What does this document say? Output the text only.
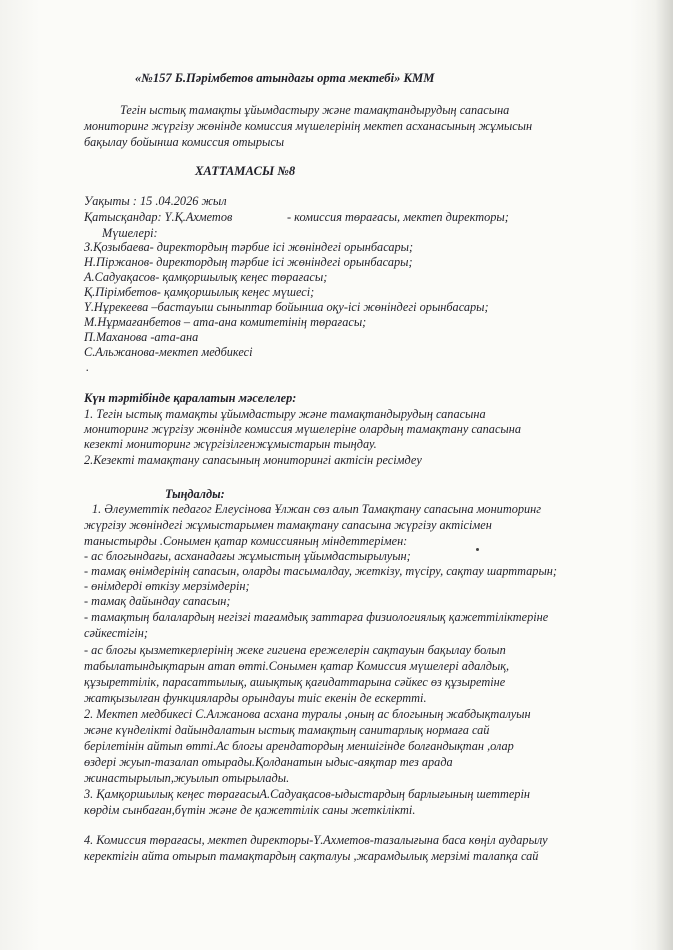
«№157 Б.Пәрімбетов атындағы орта мектебі» КММ
Тегін ыстық тамақты ұйымдастыру және тамақтандырудың сапасына
мониторинг жүргізу жөнінде комиссия мүшелерінің мектеп асханасының жұмысын
бақылау бойынша комиссия отырысы
ХАТТАМАСЫ №8
Уақыты : 15 .04.2026 жыл
Қатысқандар: Ү.Қ.Ахметов	- комиссия төрағасы, мектеп директоры;
Мүшелері:
З.Қозыбаева- директордың тәрбие ісі жөніндегі орынбасары;
Н.Піржанов- директордың тәрбие ісі жөніндегі орынбасары;
А.Садуақасов- қамқоршылық кеңес төрағасы;
Қ.Пірімбетов- қамқоршылық кеңес мүшесі;
Ү.Нұрекеева –бастауыш сыныптар бойынша оқу-ісі жөніндегі орынбасары;
М.Нұрмағанбетов – ата-ана комитетінің төрағасы;
П.Маханова -ата-ана
С.Альжанова-мектеп медбикесі
.
Күн тәртібінде қаралатын мәселелер:
1. Тегін ыстық тамақты ұйымдастыру және тамақтандырудың сапасына
мониторинг жүргізу жөнінде комиссия мүшелеріне олардың тамақтану сапасына
кезекті мониторинг жүргізілгенжұмыстарын тыңдау.
2.Кезекті тамақтану сапасының мониторингі актісін ресімдеу
Тыңдалды:
1. Әлеуметтік педагог Елеусінова Ұлжан сөз алып Тамақтану сапасына мониторинг
жүргізу жөніндегі жұмыстарымен тамақтану сапасына жүргізу актісімен
таныстырды .Сонымен қатар комиссияның міндеттерімен:
- ас блогындағы, асханадағы жұмыстың ұйымдастырылуын;
- тамақ өнімдерінің сапасын, оларды тасымалдау, жеткізу, түсіру, сақтау шарттарын;
- өнімдерді өткізу мерзімдерін;
- тамақ дайындау сапасын;
- тамақтың балалардың негізгі тағамдық заттарға физиологиялық қажеттіліктеріне
сәйкестігін;
- ас блогы қызметкерлерінің жеке гигиена ережелерін сақтауын бақылау болып
табылатындықтарын атап өтті.Сонымен қатар Комиссия мүшелері адалдық,
құзыреттілік, парасаттылық, ашықтық қағидаттарына сәйкес өз құзыретіне
жатқызылған функцияларды орындауы тиіс екенін де ескертті.
2. Мектеп медбикесі С.Алжанова асхана туралы ,оның ас блогының жабдықталуын
және күнделікті дайындалатын ыстық тамақтың санитарлық нормаға сай
берілетінін айтып өтті.Ас блогы арендатордың меншігінде болғандықтан ,олар
өздері жуып-тазалап отырады.Қолданатын ыдыс-аяқтар тез арада
жинастырылып,жуылып отырылады.
3. Қамқоршылық кеңес төрағасыА.Садуақасов-ыдыстардың барлығының шеттерін
көрдім сынбаған,бүтін және де қажеттілік саны жеткілікті.
4. Комиссия төрағасы, мектеп директоры-Ү.Ахметов-тазалығына баса көңіл аударылу
керектігін айта отырып тамақтардың сақталуы ,жарамдылық мерзімі талапқа сай
